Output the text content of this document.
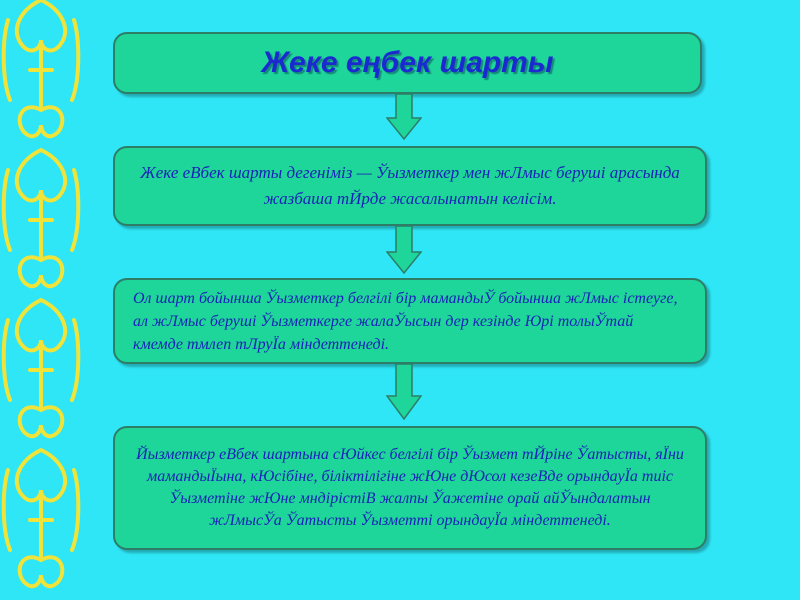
Жеке еңбек шарты
Жеке еВбек шарты дегеніміз — Ўызметкер мен жЛмыс беруші арасында жазбаша тЙрде жасалынатын келісім.
Ол шарт бойынша Ўызметкер белгілі бір мамандыЎ бойынша жЛмыс істеугe, ал жЛмыс беруші Ўызметкерге жалаЎысын дер кезінде Юрі толыЎтай кмемде тмлеп тЛруЇа міндеттенеді.
Йызметкер еВбек шартына сЮйкес белгілі бір Ўызмет тЙріне Ўатысты, яЇни мамандыЇына, кЮсібіне, біліктілігіне жЮне дЮсол кезеВде орындауЇа тиіс Ўызметіне жЮне мндірістіВ жалпы Ўажетіне орай айЎындалатын жЛмысЎа Ўатысты Ўызметті орындауЇа міндеттенеді.
